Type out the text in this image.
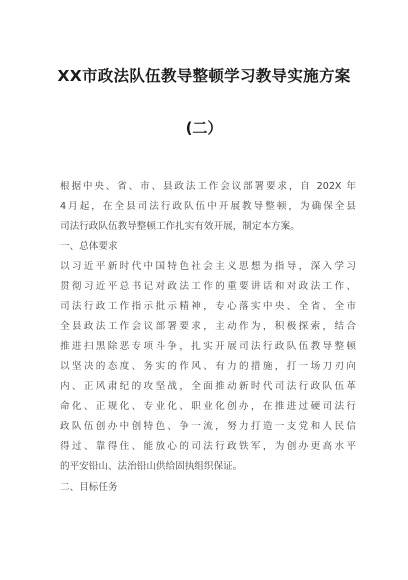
XX市政法队伍教导整顿学习教导实施方案
(二）
根据中央、省、市、县政法工作会议部署要求，自 202X 年
4月起，在全县司法行政队伍中开展教导整顿，为确保全县
司法行政队伍教导整顿工作扎实有效开展，制定本方案。
一、总体要求
以习近平新时代中国特色社会主义思想为指导，深入学习
贯彻习近平总书记对政法工作的重要讲话和对政法工作、
司法行政工作指示批示精神，专心落实中央、全省、全市
全县政法工作会议部署要求，主动作为，积极探索，结合
推进扫黑除恶专项斗争，扎实开展司法行政队伍教导整顿
以坚决的态度、务实的作风、有力的措施，打一场刀刃向
内、正风肃纪的攻坚战，全面推动新时代司法行政队伍革
命化、正规化、专业化、职业化创办，在推进过硬司法行
政队伍创办中创特色、争一流，努力打造一支党和人民信
得过、靠得住、能放心的司法行政铁军，为创办更高水平
的平安铅山、法治铅山供给固执组织保证。
二、目标任务
